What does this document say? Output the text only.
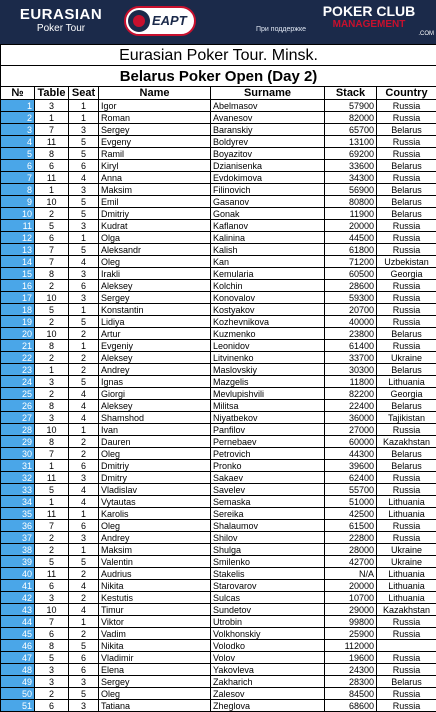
EURASIAN
Poker Tour
EAPT
При поддержке
POKER CLUB
MANAGEMENT
.COM
Eurasian Poker Tour. Minsk.						
Belarus Poker Open (Day 2)						
№	Table	Seat	Name	Surname	Stack	Country
1	3	1	Igor	Abelmasov	57900	Russia
2	1	1	Roman	Avanesov	82000	Russia
3	7	3	Sergey	Baranskiy	65700	Belarus
4	11	5	Evgeny	Boldyrev	13100	Russia
5	8	5	Ramil	Boyazitov	69200	Russia
6	6	6	Kiryl	Dzianisenka	33600	Belarus
7	11	4	Anna	Evdokimova	34300	Russia
8	1	3	Maksim	Filinovich	56900	Belarus
9	10	5	Emil	Gasanov	80800	Belarus
10	2	5	Dmitriy	Gonak	11900	Belarus
11	5	3	Kudrat	Kaflanov	20000	Russia
12	6	1	Olga	Kalinina	44500	Russia
13	7	5	Aleksandr	Kalish	61800	Russia
14	7	4	Oleg	Kan	71200	Uzbekistan
15	8	3	Irakli	Kemularia	60500	Georgia
16	2	6	Aleksey	Kolchin	28600	Russia
17	10	3	Sergey	Konovalov	59300	Russia
18	5	1	Konstantin	Kostyakov	20700	Russia
19	2	5	Lidiya	Kozhevnikova	40000	Russia
20	10	2	Artur	Kuzmenko	23800	Belarus
21	8	1	Evgeniy	Leonidov	61400	Russia
22	2	2	Aleksey	Litvinenko	33700	Ukraine
23	1	2	Andrey	Maslovskiy	30300	Belarus
24	3	5	Ignas	Mazgelis	11800	Lithuania
25	2	4	Giorgi	Mevlupishvili	82200	Georgia
26	8	4	Aleksey	Militsa	22400	Belarus
27	3	4	Shamshod	Niyatbekov	36000	Tajikistan
28	10	1	Ivan	Panfilov	27000	Russia
29	8	2	Dauren	Pernebaev	60000	Kazakhstan
30	7	2	Oleg	Petrovich	44300	Belarus
31	1	6	Dmitriy	Pronko	39600	Belarus
32	11	3	Dmitry	Sakaev	62400	Russia
33	5	4	Vladislav	Savelev	55700	Russia
34	1	4	Vytautas	Semaska	51000	Lithuania
35	11	1	Karolis	Sereika	42500	Lithuania
36	7	6	Oleg	Shalaumov	61500	Russia
37	2	3	Andrey	Shilov	22800	Russia
38	2	1	Maksim	Shulga	28000	Ukraine
39	5	5	Valentin	Smilenko	42700	Ukraine
40	11	2	Audrius	Stakelis	N/A	Lithuania
41	6	4	Nikita	Starovarov	20000	Lithuania
42	3	2	Kestutis	Sulcas	10700	Lithuania
43	10	4	Timur	Sundetov	29000	Kazakhstan
44	7	1	Viktor	Utrobin	99800	Russia
45	6	2	Vadim	Volkhonskiy	25900	Russia
46	8	5	Nikita	Volodko	112000	
47	5	6	Vladimir	Volov	19600	Russia
48	3	6	Elena	Yakovleva	24300	Russia
49	3	3	Sergey	Zakharich	28300	Belarus
50	2	5	Oleg	Zalesov	84500	Russia
51	6	3	Tatiana	Zheglova	68600	Russia
